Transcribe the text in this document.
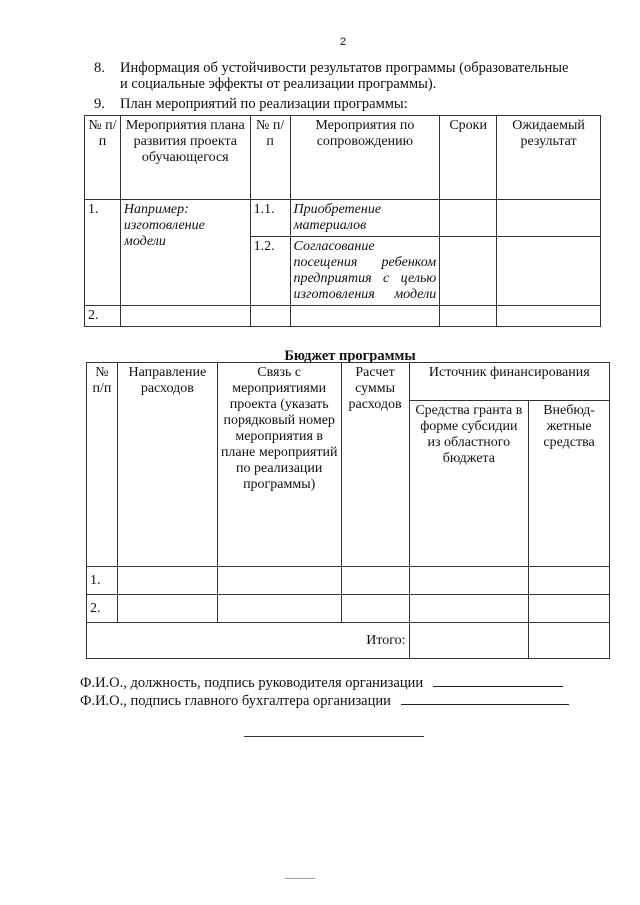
2
8. Информация об устойчивости результатов программы (образовательные
и социальные эффекты от реализации программы).
9. План мероприятий по реализации программы:
№ п/п	Мероприятия плана развития проекта обучающегося	№ п/п	Мероприятия по сопровождению	Сроки	Ожидаемый результат
1.	Например: изготовление модели	1.1.	Приобретение материалов		
		1.2.	Согласование посещения ребенком предприятия с целью изготовления модели		
2.					
Бюджет программы
№ п/п	Направление расходов	Связь с мероприятиями проекта (указать порядковый номер мероприятия в плане мероприятий по реализации программы)	Расчет суммы расходов	Источник финансирования	
				Средства гранта в форме субсидии из областного бюджета	Внебюд-жетные средства
1.					
2.					
Итого:					
Ф.И.О., должность, подпись руководителя организации
Ф.И.О., подпись главного бухгалтера организации
